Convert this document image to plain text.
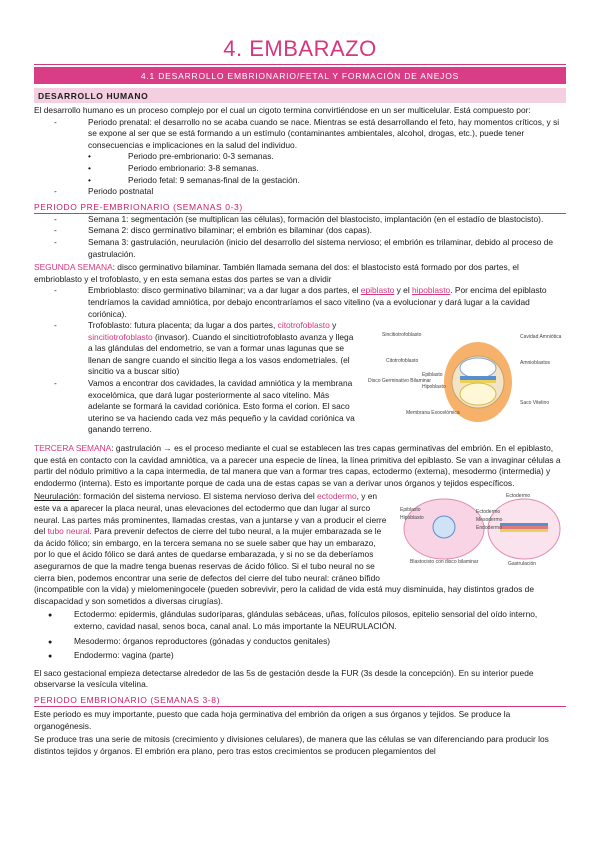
4. EMBARAZO
4.1 DESARROLLO EMBRIONARIO/FETAL Y FORMACIÓN DE ANEJOS
DESARROLLO HUMANO

El desarrollo humano es un proceso complejo por el cual un cigoto termina convirtiéndose en un ser multicelular. Está compuesto por:

- Periodo prenatal: el desarrollo no se acaba cuando se nace. Mientras se está desarrollando el feto, hay momentos críticos, y si se expone al ser que se está formando a un estímulo (contaminantes ambientales, alcohol, drogas, etc.), puede tener consecuencias e implicaciones en la salud del individuo.
• Periodo pre-embrionario: 0-3 semanas.
• Periodo embrionario: 3-8 semanas.
• Periodo fetal: 9 semanas-final de la gestación.
- Periodo postnatal
PERIODO PRE-EMBRIONARIO (SEMANAS 0-3)
- Semana 1: segmentación (se multiplican las células), formación del blastocisto, implantación (en el estadío de blastocisto).
- Semana 2: disco germinativo bilaminar; el embrión es bilaminar (dos capas).
- Semana 3: gastrulación, neurulación (inicio del desarrollo del sistema nervioso; el embrión es trilaminar, debido al proceso de gastrulación.

SEGUNDA SEMANA: disco germinativo bilaminar. También llamada semana del dos: el blastocisto está formado por dos partes, el embrioblasto y el trofoblasto, y en esta semana estas dos partes se van a dividir

- Embrioblasto: disco germinativo bilaminar; va a dar lugar a dos partes, el epiblasto y el hipoblasto. Por encima del epiblasto tendríamos la cavidad amniótica, por debajo encontraríamos el saco vitelino (va a evolucionar y dará lugar a la cavidad coriónica).
Sincitiotrofoblasto
Citotrofoblasto
Disco Germinativo Bilaminar
Epiblasto
Hipoblasto
Membrana Exocelómica
Cavidad Amniótica
Amnioblastos
Saco Vitelino
- Trofoblasto: futura placenta; da lugar a dos partes, citotrofoblasto y sincitiotrofoblasto (invasor). Cuando el sincitiotrofoblasto avanza y llega a las glándulas del endometrio, se van a formar unas lagunas que se llenan de sangre cuando el sincitio llega a los vasos endometriales. (el sincitio va a buscar sitio)
- Vamos a encontrar dos cavidades, la cavidad amniótica y la membrana exocelómica, que dará lugar posteriormente al saco vitelino. Más adelante se formará la cavidad coriónica. Esto forma el corion. El saco uterino se va haciendo cada vez más pequeño y la cavidad coriónica va ganando terreno.

TERCERA SEMANA: gastrulación → es el proceso mediante el cual se establecen las tres capas germinativas del embrión. En el epiblasto, que está en contacto con la cavidad amniótica, va a parecer una especie de línea, la línea primitiva del epiblasto. Se van a invaginar células a partir del nódulo primitivo a la capa intermedia, de tal manera que van a formar tres capas, ectodermo (externa), mesodermo (intermedia) y endodermo (interna). Esto es importante porque de cada una de estas capas se van a derivar unos órganos y tejidos específicos.

Ectodermo
Epiblasto
Hipoblasto
Ectodermo
Mesodermo
Endodermo
Blastocisto con disco bilaminar	Gastrulación

Neurulación: formación del sistema nervioso. El sistema nervioso deriva del ectodermo, y en este va a aparecer la placa neural, unas elevaciones del ectodermo que dan lugar al surco neural. Las partes más prominentes, llamadas crestas, van a juntarse y van a producir el cierre del tubo neural. Para prevenir defectos de cierre del tubo neural, a la mujer embarazada se le da ácido fólico; sin embargo, en la tercera semana no se suele saber que hay un embarazo, por lo que el ácido fólico se dará antes de quedarse embarazada, y si no se da deberíamos asegurarnos de que la madre tenga buenas reservas de ácido fólico. Si el tubo neural no se cierra bien, podemos encontrar una serie de defectos del cierre del tubo neural: cráneo bífido (incompatible con la vida) y mielomeningocele (pueden sobrevivir, pero la calidad de vida está muy disminuida, hay distintos grados de discapacidad y son sometidos a diversas cirugías).

● Ectodermo: epidermis, glándulas sudoríparas, glándulas sebáceas, uñas, folículos pilosos, epitelio sensorial del oído interno, externo, cavidad nasal, senos boca, canal anal. Lo más importante la NEURULACIÓN.
● Mesodermo: órganos reproductores (gónadas y conductos genitales)
● Endodermo: vagina (parte)

El saco gestacional empieza detectarse alrededor de las 5s de gestación desde la FUR (3s desde la concepción). En su interior puede observarse la vesícula vitelina.

PERIODO EMBRIONARIO (SEMANAS 3-8)

Este periodo es muy importante, puesto que cada hoja germinativa del embrión da origen a sus órganos y tejidos. Se produce la organogénesis.

Se produce tras una serie de mitosis (crecimiento y divisiones celulares), de manera que las células se van diferenciando para producir los distintos tejidos y órganos. El embrión era plano, pero tras estos crecimientos se producen plegamientos del
